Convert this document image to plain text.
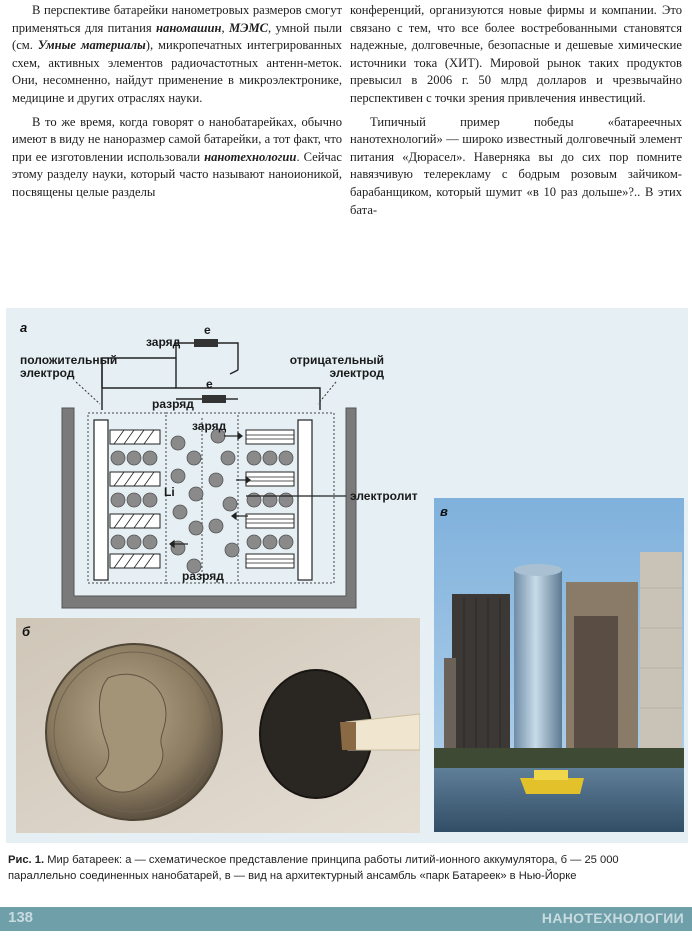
В перспективе батарейки нанометровых размеров смогут применяться для питания наномашин, МЭМС, умной пыли (см. Умные материалы), микропечатных интегрированных схем, активных элементов радиочастотных антенн-меток. Они, несомненно, найдут применение в микроэлектронике, медицине и других отраслях науки.

В то же время, когда говорят о нанобатарейках, обычно имеют в виду не наноразмер самой батарейки, а тот факт, что при ее изготовлении использовали нанотехнологии. Сейчас этому разделу науки, который часто называют наноионикой, посвящены целые разделы

конференций, организуются новые фирмы и компании. Это связано с тем, что все более востребованными становятся надежные, долговечные, безопасные и дешевые химические источники тока (ХИТ). Мировой рынок таких продуктов превысил в 2006 г. 50 млрд долларов и чрезвычайно перспективен с точки зрения привлечения инвестиций.

Типичный пример победы «батареечных нанотехнологий» — широко известный долговечный элемент питания «Дюрасел». Наверняка вы до сих пор помните навязчивую телерекламу с бодрым розовым зайчиком-барабанщиком, который шумит «в 10 раз дольше»?.. В этих бата-

а
заряд
e
e
разряд
положительный электрод
отрицательный электрод
заряд
Li	электролит
разряд
б
в
Рис. 1. Мир батареек: а — схематическое представление принципа работы литий-ионного аккумулятора, б — 25 000 параллельно соединенных нанобатарей, в — вид на архитектурный ансамбль «парк Батареек» в Нью-Йорке
138	НАНОТЕХНОЛОГИИ
